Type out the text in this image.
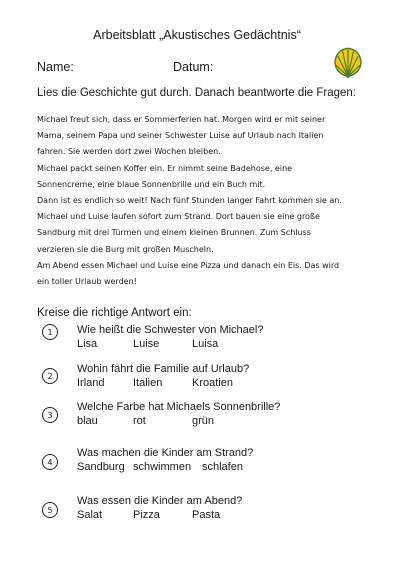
Arbeitsblatt „Akustisches Gedächtnis“
Name:	Datum:
Lies die Geschichte gut durch. Danach beantworte die Fragen:
Michael freut sich, dass er Sommerferien hat. Morgen wird er mit seiner
Mama, seinem Papa und seiner Schwester Luise auf Urlaub nach Italien
fahren. Sie werden dort zwei Wochen bleiben.
Michael packt seinen Koffer ein. Er nimmt seine Badehose, eine
Sonnencreme, eine blaue Sonnenbrille und ein Buch mit.
Dann ist es endlich so weit! Nach fünf Stunden langer Fahrt kommen sie an.
Michael und Luise laufen sofort zum Strand. Dort bauen sie eine große
Sandburg mit drei Türmen und einem kleinen Brunnen. Zum Schluss
verzieren sie die Burg mit großen Muscheln.
Am Abend essen Michael und Luise eine Pizza und danach ein Eis. Das wird
ein toller Urlaub werden!
Kreise die richtige Antwort ein:
1	Wie heißt die Schwester von Michael?
Lisa	Luise	Luisa
2
Wohin fährt die Familie auf Urlaub?
Irland	Italien	Kroatien
3
Welche Farbe hat Michaels Sonnenbrille?
blau	rot	grün
4
Was machen die Kinder am Strand?
Sandburg schwimmen schlafen
5
Was essen die Kinder am Abend?
Salat	Pizza	Pasta
